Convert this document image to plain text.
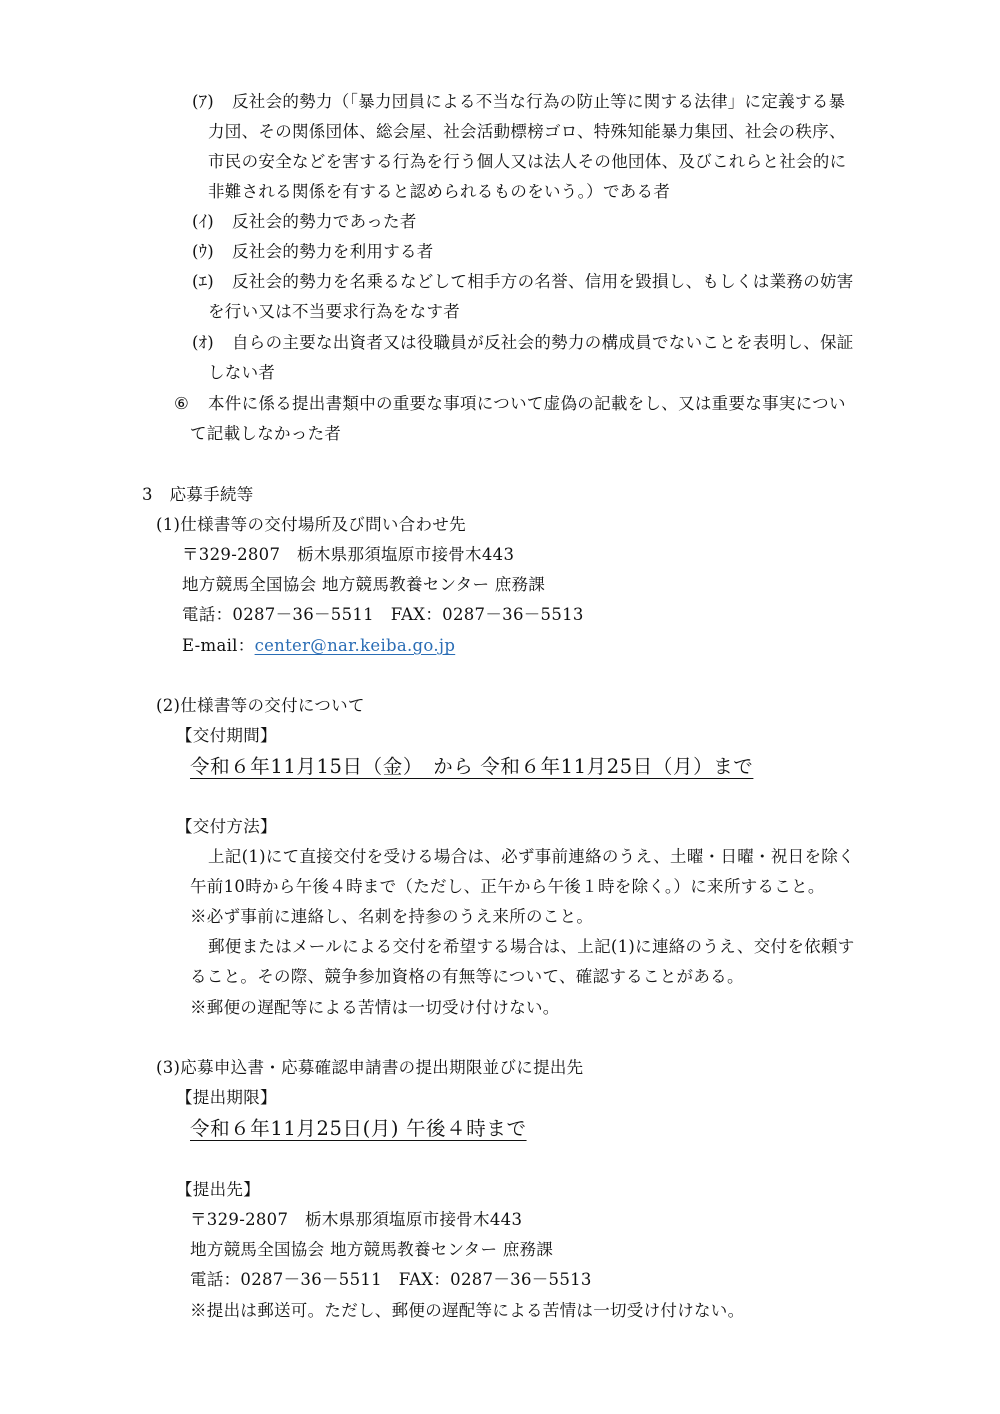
(ｱ) 反社会的勢力（「暴力団員による不当な行為の防止等に関する法律」に定義する暴
力団、その関係団体、総会屋、社会活動標榜ゴロ、特殊知能暴力集団、社会の秩序、
市民の安全などを害する行為を行う個人又は法人その他団体、及びこれらと社会的に
非難される関係を有すると認められるものをいう。）である者
(ｲ) 反社会的勢力であった者
(ｳ) 反社会的勢力を利用する者
(ｴ) 反社会的勢力を名乗るなどして相手方の名誉、信用を毀損し、もしくは業務の妨害
を行い又は不当要求行為をなす者
(ｵ) 自らの主要な出資者又は役職員が反社会的勢力の構成員でないことを表明し、保証
しない者
⑥ 本件に係る提出書類中の重要な事項について虚偽の記載をし、又は重要な事実につい
て記載しなかった者
3　応募手続等
(1)仕様書等の交付場所及び問い合わせ先
〒329-2807　栃木県那須塩原市接骨木443
地方競馬全国協会 地方競馬教養センター 庶務課
電話：0287－36－5511　FAX：0287－36－5513
E-mail：center@nar.keiba.go.jp
(2)仕様書等の交付について
【交付期間】
令和６年11月15日（金）　から 令和６年11月25日（月）まで
【交付方法】
上記(1)にて直接交付を受ける場合は、必ず事前連絡のうえ、土曜・日曜・祝日を除く
午前10時から午後４時まで（ただし、正午から午後１時を除く。）に来所すること。
※必ず事前に連絡し、名刺を持参のうえ来所のこと。
郵便またはメールによる交付を希望する場合は、上記(1)に連絡のうえ、交付を依頼す
ること。その際、競争参加資格の有無等について、確認することがある。
※郵便の遅配等による苦情は一切受け付けない。
(3)応募申込書・応募確認申請書の提出期限並びに提出先
【提出期限】
令和６年11月25日(月) 午後４時まで
【提出先】
〒329-2807　栃木県那須塩原市接骨木443
地方競馬全国協会 地方競馬教養センター 庶務課
電話：0287－36－5511　FAX：0287－36－5513
※提出は郵送可。ただし、郵便の遅配等による苦情は一切受け付けない。
